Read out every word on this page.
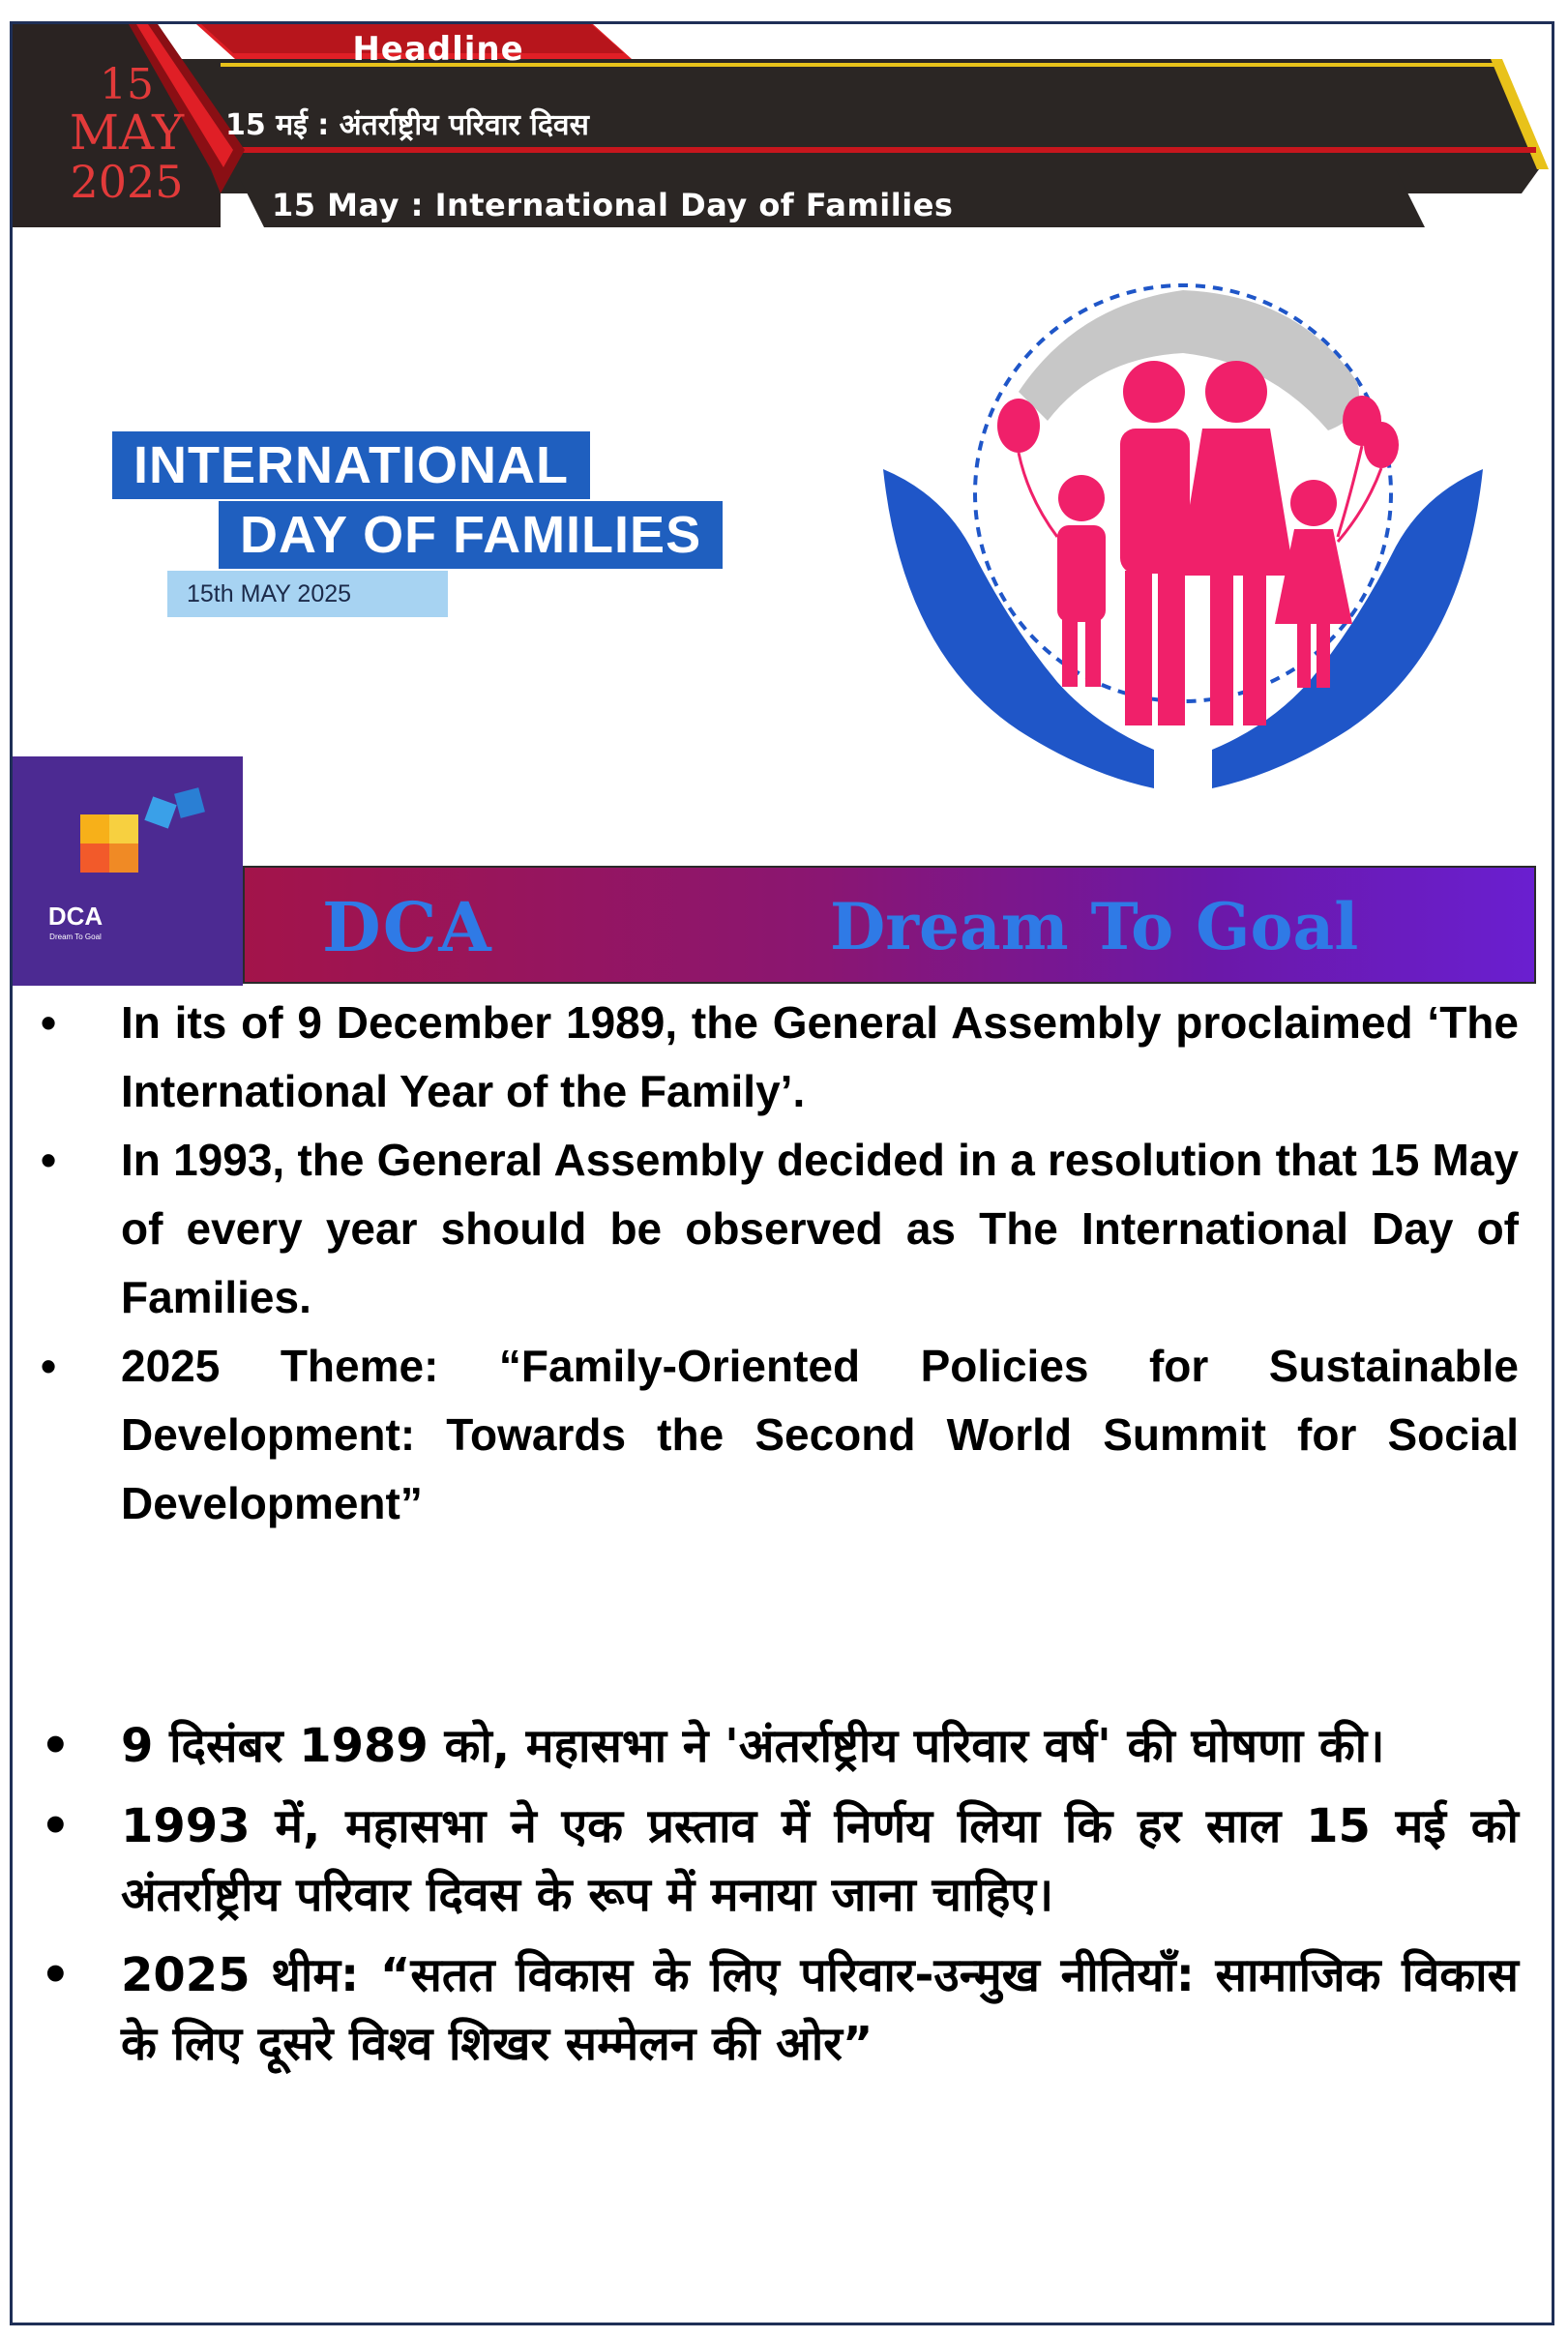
Headline
15
MAY
2025
15 मई : अंतर्राष्ट्रीय परिवार दिवस
15 May : International Day of Families
INTERNATIONAL
DAY OF FAMILIES
15th MAY 2025
DCA
Dream To Goal	DCA	Dream To Goal
• In its of 9 December 1989, the General Assembly proclaimed ‘The International Year of the Family’.
• In 1993, the General Assembly decided in a resolution that 15 May of every year should be observed as The International Day of Families.
• 2025 Theme: “Family-Oriented Policies for Sustainable Development: Towards the Second World Summit for Social Development”
• 9 दिसंबर 1989 को, महासभा ने 'अंतर्राष्ट्रीय परिवार वर्ष' की घोषणा की।
• 1993 में, महासभा ने एक प्रस्ताव में निर्णय लिया कि हर साल 15 मई को अंतर्राष्ट्रीय परिवार दिवस के रूप में मनाया जाना चाहिए।
• 2025 थीम: “सतत विकास के लिए परिवार-उन्मुख नीतियाँ: सामाजिक विकास के लिए दूसरे विश्व शिखर सम्मेलन की ओर”
